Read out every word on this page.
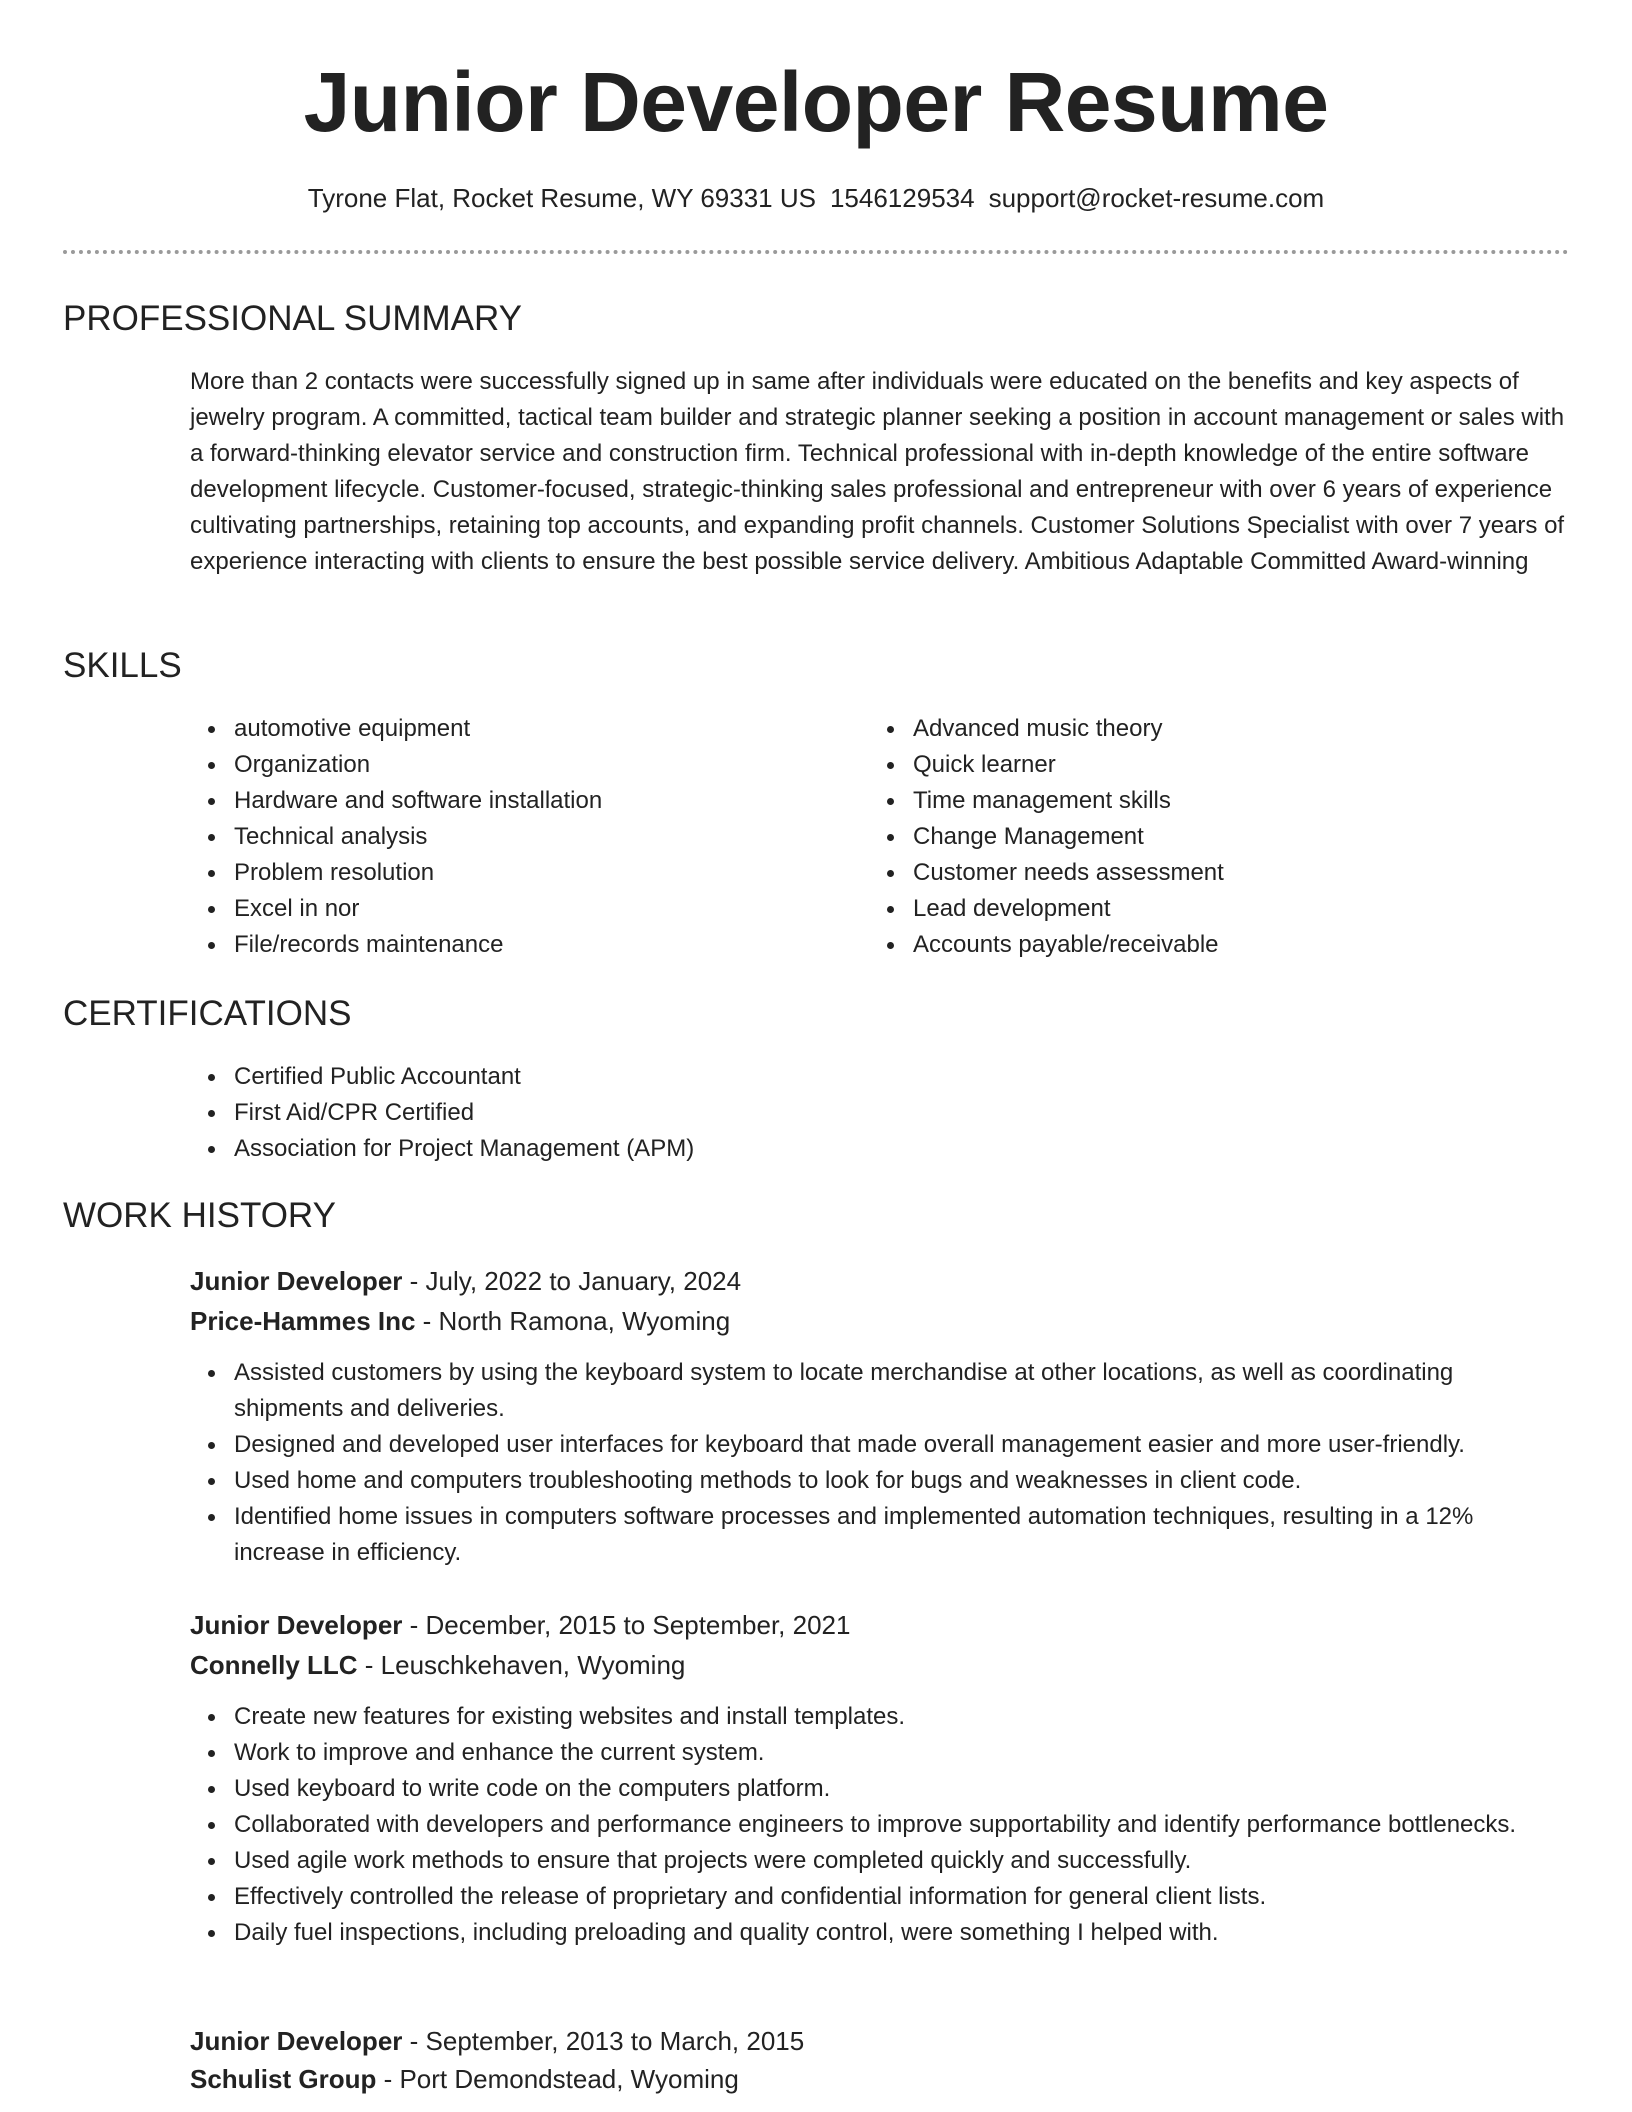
Junior Developer Resume
Tyrone Flat, Rocket Resume, WY 69331 US 1546129534 support@rocket-resume.com
PROFESSIONAL SUMMARY

More than 2 contacts were successfully signed up in same after individuals were educated on the benefits and key aspects of jewelry program. A committed, tactical team builder and strategic planner seeking a position in account management or sales with a forward-thinking elevator service and construction firm. Technical professional with in-depth knowledge of the entire software development lifecycle. Customer-focused, strategic-thinking sales professional and entrepreneur with over 6 years of experience cultivating partnerships, retaining top accounts, and expanding profit channels. Customer Solutions Specialist with over 7 years of experience interacting with clients to ensure the best possible service delivery. Ambitious Adaptable Committed Award-winning

SKILLS
automotive equipment
Organization
Hardware and software installation
Technical analysis
Problem resolution
Excel in nor
File/records maintenance
Advanced music theory
Quick learner
Time management skills
Change Management
Customer needs assessment
Lead development
Accounts payable/receivable
CERTIFICATIONS
Certified Public Accountant
First Aid/CPR Certified
Association for Project Management (APM)
WORK HISTORY
Junior Developer - July, 2022 to January, 2024
Price-Hammes Inc - North Ramona, Wyoming
Assisted customers by using the keyboard system to locate merchandise at other locations, as well as coordinating shipments and deliveries.
Designed and developed user interfaces for keyboard that made overall management easier and more user-friendly.
Used home and computers troubleshooting methods to look for bugs and weaknesses in client code.
Identified home issues in computers software processes and implemented automation techniques, resulting in a 12% increase in efficiency.
Junior Developer - December, 2015 to September, 2021
Connelly LLC - Leuschkehaven, Wyoming
Create new features for existing websites and install templates.
Work to improve and enhance the current system.
Used keyboard to write code on the computers platform.
Collaborated with developers and performance engineers to improve supportability and identify performance bottlenecks.
Used agile work methods to ensure that projects were completed quickly and successfully.
Effectively controlled the release of proprietary and confidential information for general client lists.
Daily fuel inspections, including preloading and quality control, were something I helped with.
Junior Developer - September, 2013 to March, 2015
Schulist Group - Port Demondstead, Wyoming
